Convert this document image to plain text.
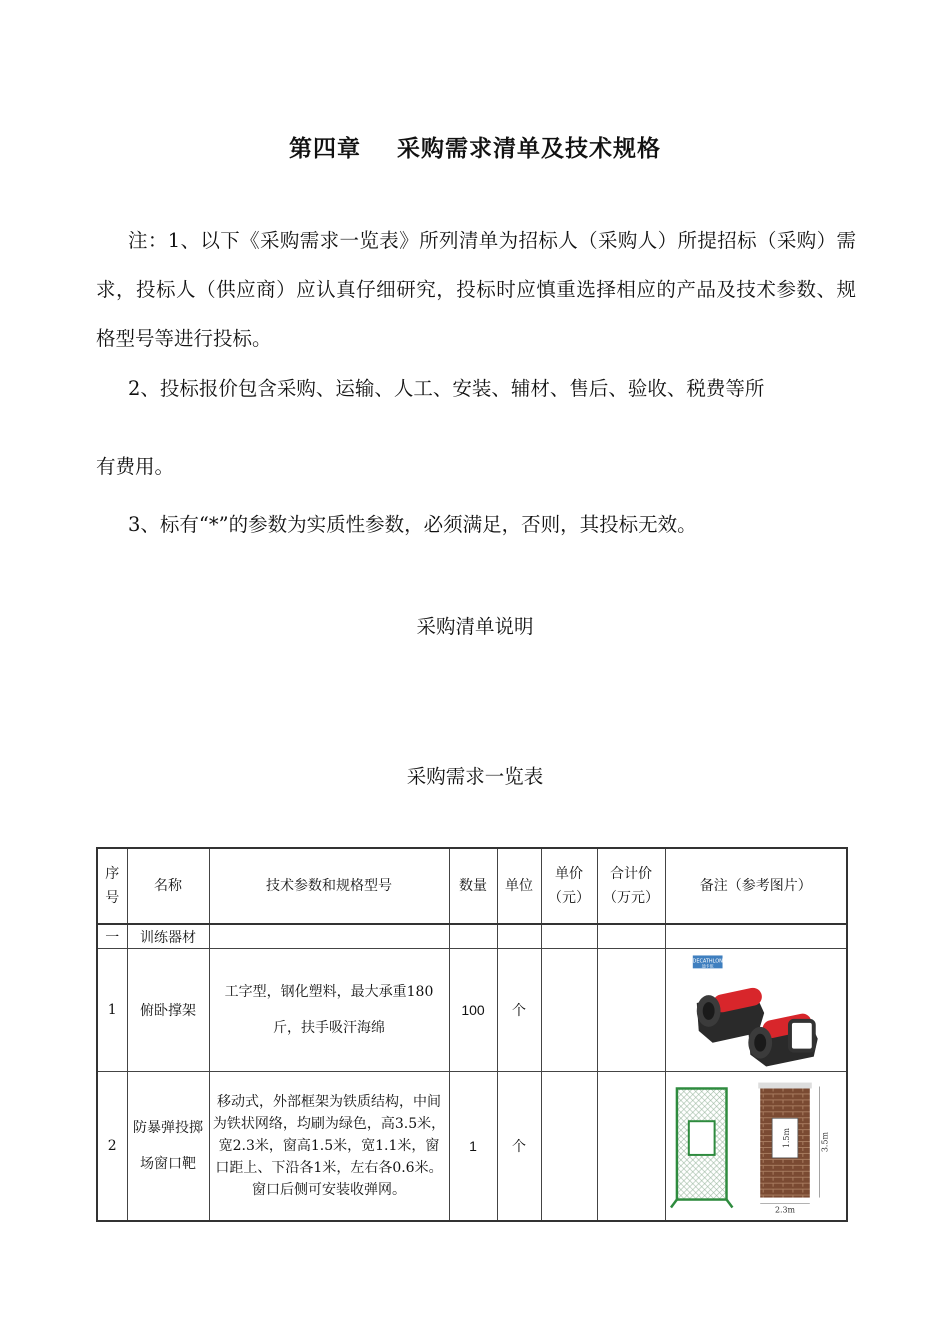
第四章 采购需求清单及技术规格
注：1、以下《采购需求一览表》所列清单为招标人（采购人）所提招标（采购）需求，投标人（供应商）应认真仔细研究，投标时应慎重选择相应的产品及技术参数、规格型号等进行投标。
2、投标报价包含采购、运输、人工、安装、辅材、售后、验收、税费等所
有费用。
3、标有“*”的参数为实质性参数，必须满足，否则，其投标无效。
采购清单说明
采购需求一览表
序号	名称	技术参数和规格型号	数量	单位	单价（元）	合计价（万元）	备注（参考图片）
一	训练器材						
1	俯卧撑架	工字型，钢化塑料，最大承重180斤，扶手吸汗海绵	100	个			DECATHLON
迪卡侬

2	防暴弹投掷场窗口靶	移动式，外部框架为铁质结构，中间为铁状网络，均刷为绿色，高3.5米，宽2.3米，窗高1.5米，宽1.1米，窗口距上、下沿各1米，左右各0.6米。窗口后侧可安装收弹网。	1	个			1.5m 3.5m
2.3m
